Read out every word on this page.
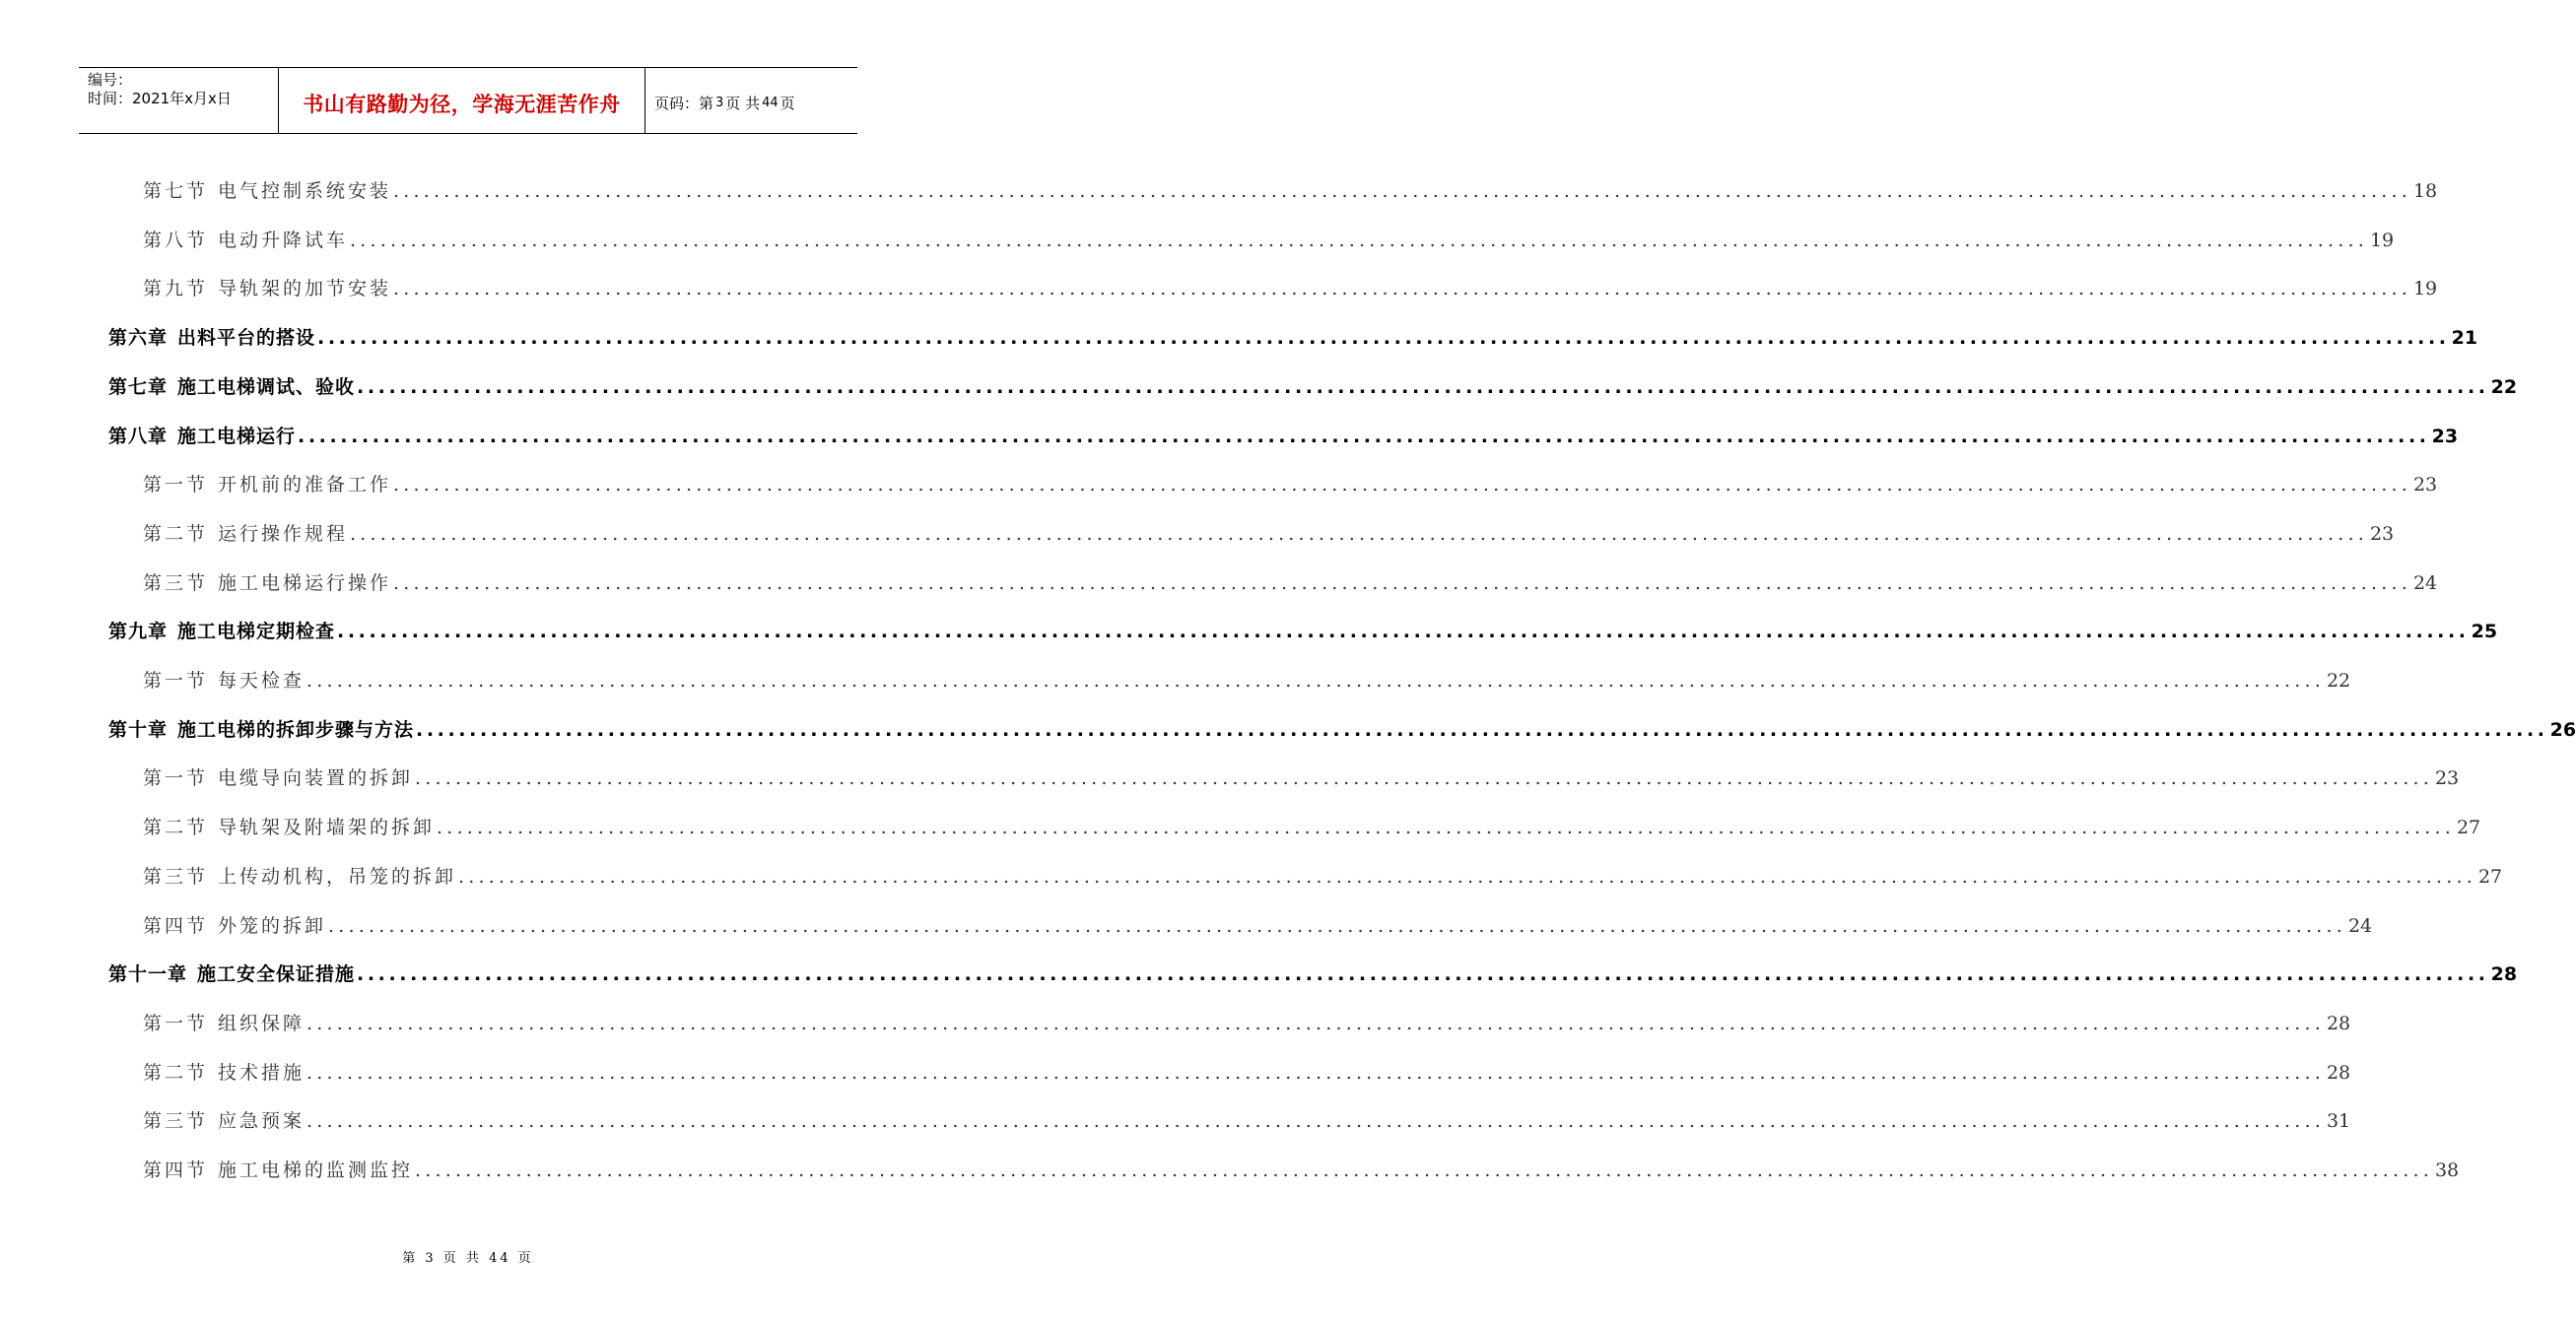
编号：
时间：2021年x月x日	书山有路勤为径，学海无涯苦作舟	页码：第 3 页 共 44 页
第七节 电气控制系统安装 ........................................................................................................................................................................................................ 18
第八节 电动升降试车 ........................................................................................................................................................................................................ 19
第九节 导轨架的加节安装 ........................................................................................................................................................................................................ 19
第六章 出料平台的搭设 ........................................................................................................................................................................................................ 21
第七章 施工电梯调试、验收 ........................................................................................................................................................................................................ 22
第八章 施工电梯运行 ........................................................................................................................................................................................................ 23
第一节 开机前的准备工作 ........................................................................................................................................................................................................ 23
第二节 运行操作规程 ........................................................................................................................................................................................................ 23
第三节 施工电梯运行操作 ........................................................................................................................................................................................................ 24
第九章 施工电梯定期检查 ........................................................................................................................................................................................................ 25
第一节 每天检查 ........................................................................................................................................................................................................ 22
第十章 施工电梯的拆卸步骤与方法 ........................................................................................................................................................................................................ 26
第一节 电缆导向装置的拆卸 ........................................................................................................................................................................................................ 23
第二节 导轨架及附墙架的拆卸 ........................................................................................................................................................................................................ 27
第三节 上传动机构，吊笼的拆卸 ........................................................................................................................................................................................................ 27
第四节 外笼的拆卸 ........................................................................................................................................................................................................ 24
第十一章 施工安全保证措施 ........................................................................................................................................................................................................ 28
第一节 组织保障 ........................................................................................................................................................................................................ 28
第二节 技术措施 ........................................................................................................................................................................................................ 28
第三节 应急预案 ........................................................................................................................................................................................................ 31
第四节 施工电梯的监测监控 ........................................................................................................................................................................................................ 38
第 3 页 共 44 页
